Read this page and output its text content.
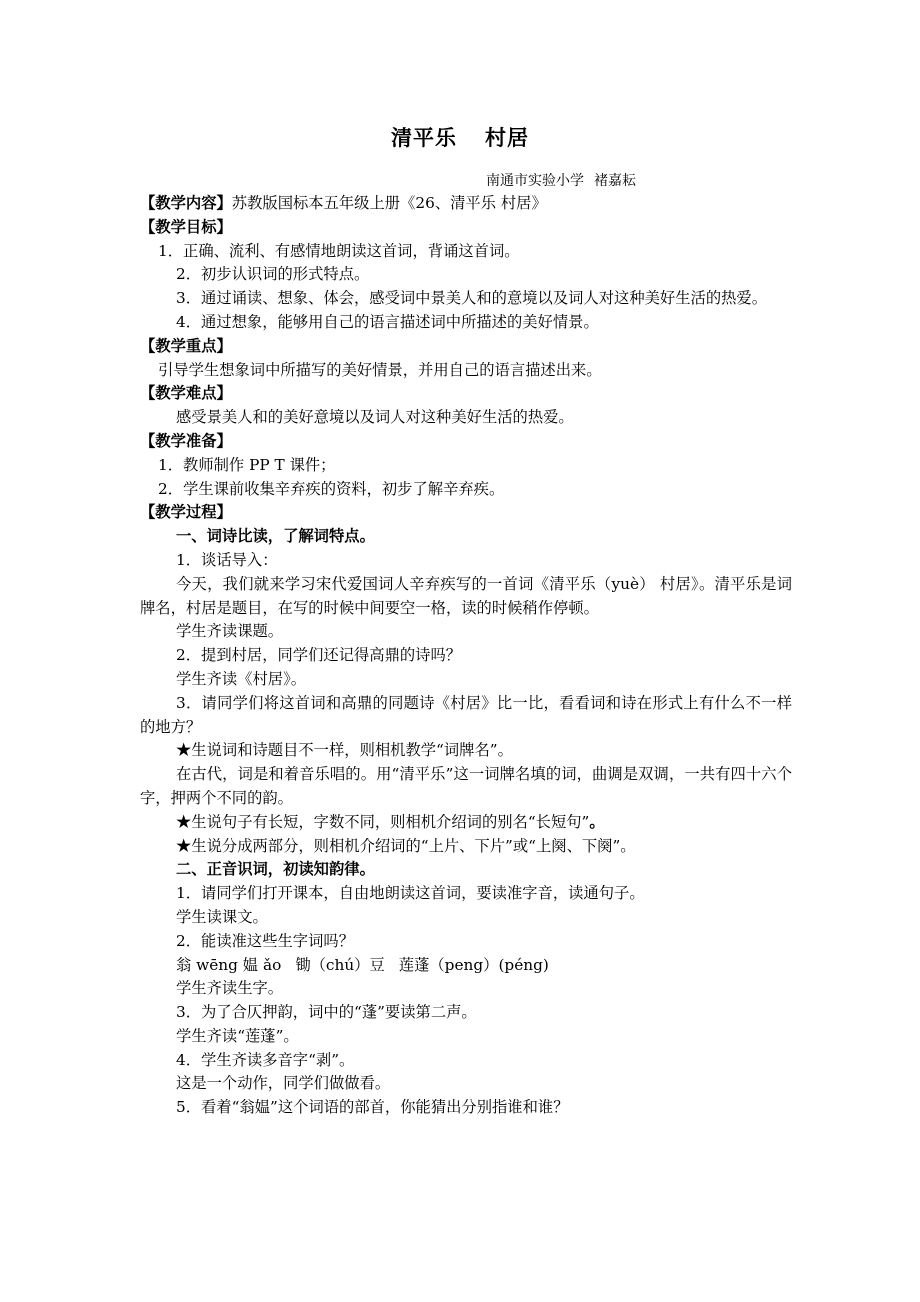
清平乐 村居
南通市实验小学 褚嘉耘
【教学内容】苏教版国标本五年级上册《26、清平乐 村居》
【教学目标】
1．正确、流利、有感情地朗读这首词，背诵这首词。
2．初步认识词的形式特点。
3．通过诵读、想象、体会，感受词中景美人和的意境以及词人对这种美好生活的热爱。
4．通过想象，能够用自己的语言描述词中所描述的美好情景。
【教学重点】
引导学生想象词中所描写的美好情景，并用自己的语言描述出来。
【教学难点】
感受景美人和的美好意境以及词人对这种美好生活的热爱。
【教学准备】
1．教师制作 PP T 课件；
2．学生课前收集辛弃疾的资料，初步了解辛弃疾。
【教学过程】
一、词诗比读，了解词特点。
1．谈话导入：
今天，我们就来学习宋代爱国词人辛弃疾写的一首词《清平乐（yuè） 村居》。清平乐是词牌名，村居是题目，在写的时候中间要空一格，读的时候稍作停顿。
学生齐读课题。
2．提到村居，同学们还记得高鼎的诗吗？
学生齐读《村居》。
3．请同学们将这首词和高鼎的同题诗《村居》比一比，看看词和诗在形式上有什么不一样的地方？
★生说词和诗题目不一样，则相机教学“词牌名”。
在古代，词是和着音乐唱的。用“清平乐”这一词牌名填的词，曲调是双调，一共有四十六个字，押两个不同的韵。
★生说句子有长短，字数不同，则相机介绍词的别名“长短句”。
★生说分成两部分，则相机介绍词的“上片、下片”或“上阕、下阕”。
二、正音识词，初读知韵律。
1．请同学们打开课本，自由地朗读这首词，要读准字音，读通句子。
学生读课文。
2．能读准这些生字词吗？
翁 wēng 媪 ǎo 锄（chú）豆 莲蓬（peng）(péng)
学生齐读生字。
3．为了合仄押韵，词中的“蓬”要读第二声。
学生齐读“莲蓬”。
4．学生齐读多音字“剥”。
这是一个动作，同学们做做看。
5．看着“翁媪”这个词语的部首，你能猜出分别指谁和谁？
